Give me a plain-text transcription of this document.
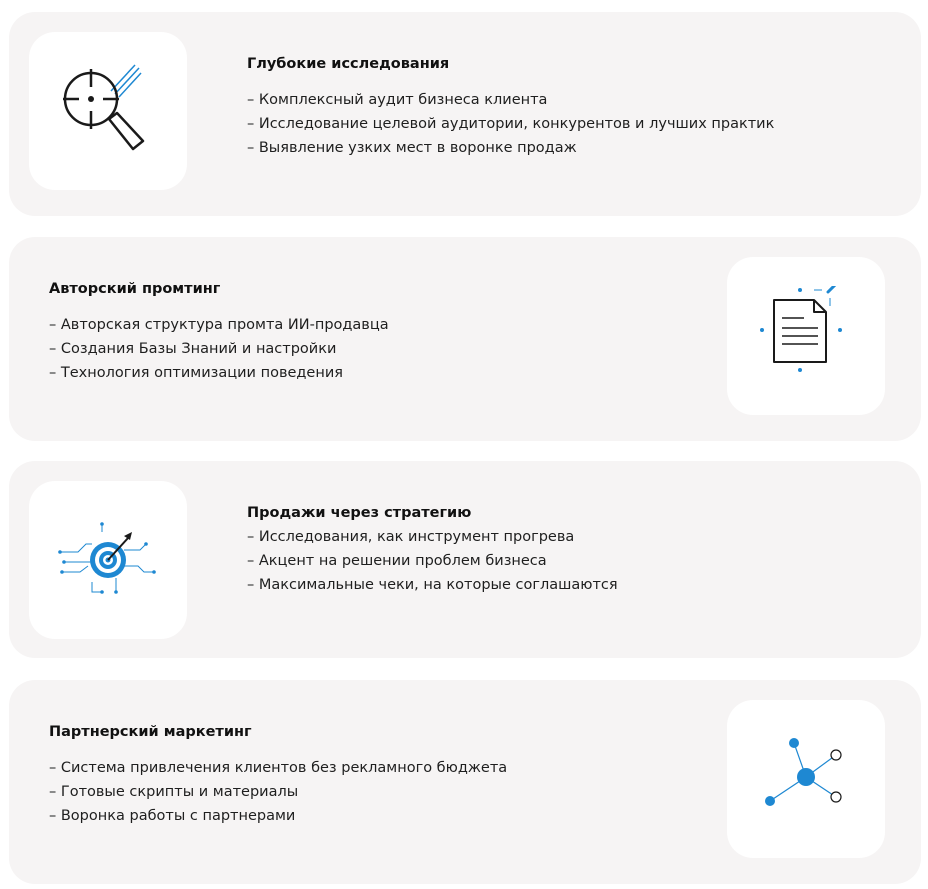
Глубокие исследования
– Комплексный аудит бизнеса клиента
– Исследование целевой аудитории, конкурентов и лучших практик
– Выявление узких мест в воронке продаж
Авторский промтинг
– Авторская структура промта ИИ-продавца
– Создания Базы Знаний и настройки
– Технология оптимизации поведения
Продажи через стратегию
– Исследования, как инструмент прогрева
– Акцент на решении проблем бизнеса
– Максимальные чеки, на которые соглашаются
Партнерский маркетинг
– Система привлечения клиентов без рекламного бюджета
– Готовые скрипты и материалы
– Воронка работы с партнерами
